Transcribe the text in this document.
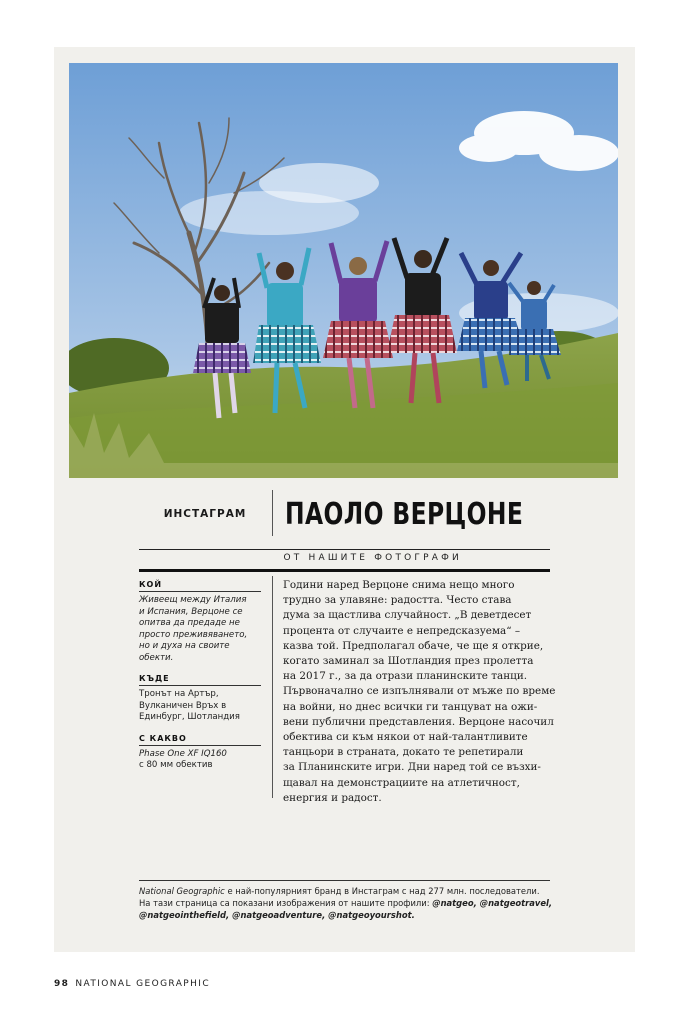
ИНСТАГРАМ	ПАОЛО ВЕРЦОНЕ
ОТ НАШИТЕ ФОТОГРАФИ
КОЙ
Живеещ между Италия
и Испания, Верцоне се
опитва да предаде не
просто преживяването,
но и духа на своите
обекти.
КЪДЕ
Тронът на Артър,
Вулканичен Връх в
Единбург, Шотландия
С КАКВО
Phase One XF IQ160
с 80 мм обектив
Години наред Верцоне снима нещо много
трудно за улавяне: радостта. Често става
дума за щастлива случайност. „В деветдесет
процента от случаите е непредсказуема“ –
казва той. Предполагал обаче, че ще я открие,
когато заминал за Шотландия през пролетта
на 2017 г., за да отрази планинските танци.
Първоначално се изпълнявали от мъже по време
на войни, но днес всички ги танцуват на ожи-
вени публични представления. Верцоне насочил
обективa си към някои от най-талантливите
танцьори в страната, докато те репетирали
за Планинските игри. Дни наред той се възхи-
щавал на демонстрациите на атлетичност,
енергия и радост.
National Geographic е най-популярният бранд в Инстаграм с над 277 млн. последователи.
На тази страница са показани изображения от нашите профили: @natgeo, @natgeotravel,
@natgeointhefield, @natgeoadventure, @natgeoyourshot.
98 NATIONAL GEOGRAPHIC
